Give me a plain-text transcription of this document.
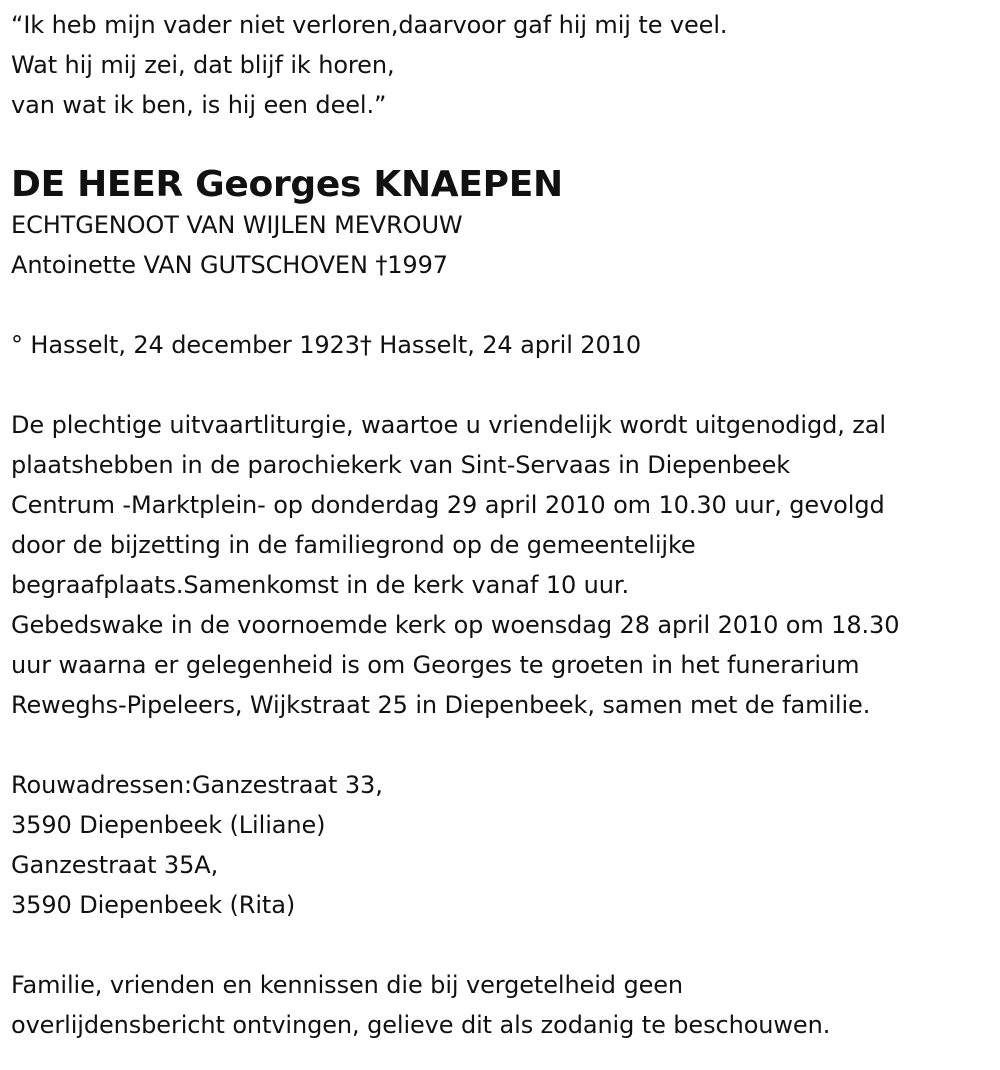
“Ik heb mijn vader niet verloren,daarvoor gaf hij mij te veel.
Wat hij mij zei, dat blijf ik horen,
van wat ik ben, is hij een deel.”
DE HEER Georges KNAEPEN
ECHTGENOOT VAN WIJLEN MEVROUW
Antoinette VAN GUTSCHOVEN †1997
° Hasselt, 24 december 1923† Hasselt, 24 april 2010
De plechtige uitvaartliturgie, waartoe u vriendelijk wordt uitgenodigd, zal
plaatshebben in de parochiekerk van Sint-Servaas in Diepenbeek
Centrum -Marktplein- op donderdag 29 april 2010 om 10.30 uur, gevolgd
door de bijzetting in de familiegrond op de gemeentelijke
begraafplaats.Samenkomst in de kerk vanaf 10 uur.
Gebedswake in de voornoemde kerk op woensdag 28 april 2010 om 18.30
uur waarna er gelegenheid is om Georges te groeten in het funerarium
Reweghs-Pipeleers, Wijkstraat 25 in Diepenbeek, samen met de familie.
Rouwadressen:Ganzestraat 33,
3590 Diepenbeek (Liliane)
Ganzestraat 35A,
3590 Diepenbeek (Rita)
Familie, vrienden en kennissen die bij vergetelheid geen
overlijdensbericht ontvingen, gelieve dit als zodanig te beschouwen.
